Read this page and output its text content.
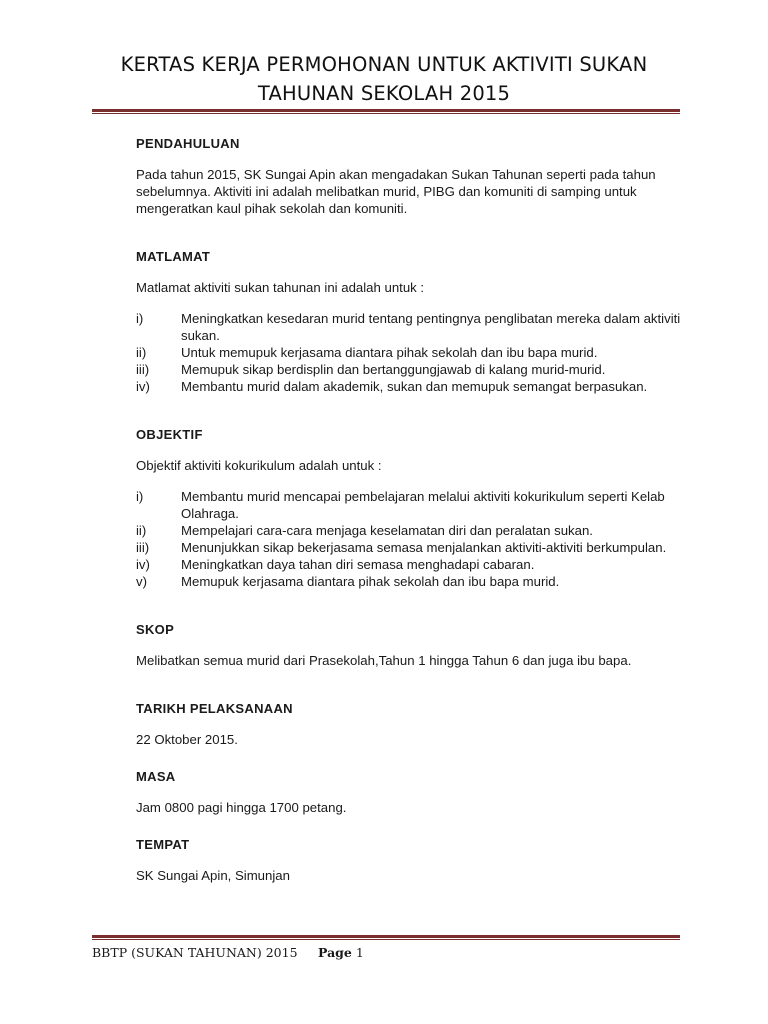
KERTAS KERJA PERMOHONAN UNTUK AKTIVITI SUKAN
TAHUNAN SEKOLAH 2015

PENDAHULUAN

Pada tahun 2015, SK Sungai Apin akan mengadakan Sukan Tahunan seperti pada tahun sebelumnya. Aktiviti ini adalah melibatkan murid, PIBG dan komuniti di samping untuk mengeratkan kaul pihak sekolah dan komuniti.

MATLAMAT

Matlamat aktiviti sukan tahunan ini adalah untuk :

i)	Meningkatkan kesedaran murid tentang pentingnya penglibatan mereka dalam aktiviti sukan.
ii)	Untuk memupuk kerjasama diantara pihak sekolah dan ibu bapa murid.
iii)	Memupuk sikap berdisplin dan bertanggungjawab di kalang murid-murid.
iv)	Membantu murid dalam akademik, sukan dan memupuk semangat berpasukan.

OBJEKTIF

Objektif aktiviti kokurikulum adalah untuk :

i)	Membantu murid mencapai pembelajaran melalui aktiviti kokurikulum seperti Kelab Olahraga.
ii)	Mempelajari cara-cara menjaga keselamatan diri dan peralatan sukan.
iii)	Menunjukkan sikap bekerjasama semasa menjalankan aktiviti-aktiviti berkumpulan.
iv)	Meningkatkan daya tahan diri semasa menghadapi cabaran.
v)	Memupuk kerjasama diantara pihak sekolah dan ibu bapa murid.

SKOP

Melibatkan semua murid dari Prasekolah,Tahun 1 hingga Tahun 6 dan juga ibu bapa.

TARIKH PELAKSANAAN

22 Oktober 2015.

MASA

Jam 0800 pagi hingga 1700 petang.

TEMPAT

SK Sungai Apin, Simunjan

BBTP (SUKAN TAHUNAN) 2015 Page 1
